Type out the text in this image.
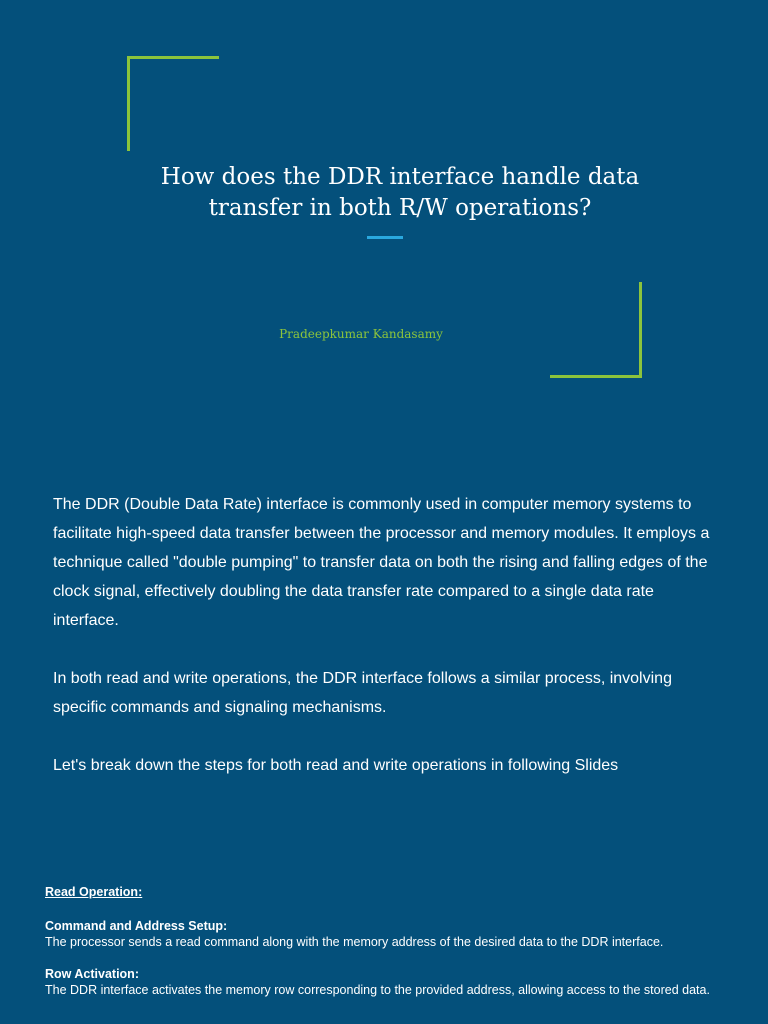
How does the DDR interface handle data transfer in both R/W operations?
Pradeepkumar Kandasamy

The DDR (Double Data Rate) interface is commonly used in computer memory systems to facilitate high-speed data transfer between the processor and memory modules. It employs a technique called "double pumping" to transfer data on both the rising and falling edges of the clock signal, effectively doubling the data transfer rate compared to a single data rate interface.

In both read and write operations, the DDR interface follows a similar process, involving specific commands and signaling mechanisms.

Let's break down the steps for both read and write operations in following Slides

Read Operation:
Command and Address Setup:
The processor sends a read command along with the memory address of the desired data to the DDR interface.
Row Activation:
The DDR interface activates the memory row corresponding to the provided address, allowing access to the stored data.
